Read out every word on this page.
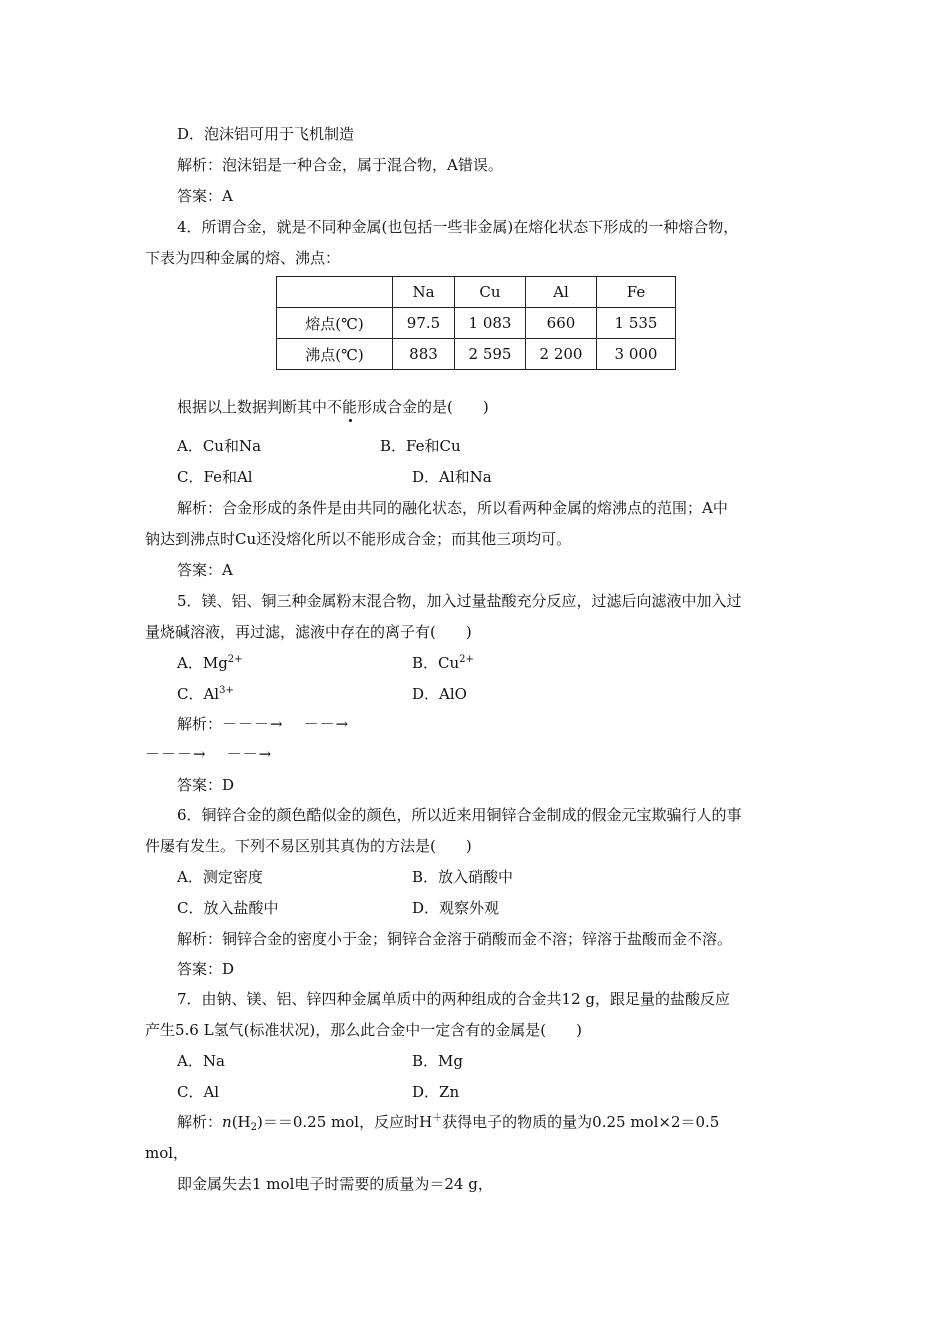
D．泡沫铝可用于飞机制造
解析：泡沫铝是一种合金，属于混合物，A错误。
答案：A
4．所谓合金，就是不同种金属(也包括一些非金属)在熔化状态下形成的一种熔合物，
下表为四种金属的熔、沸点：
	Na	Cu	Al	Fe
熔点(℃)	97.5	1 083	660	1 535
沸点(℃)	883	2 595	2 200	3 000
根据以上数据判断其中不能形成合金的是(　　)
A．Cu和Na	B．Fe和Cu
C．Fe和Al	D．Al和Na
解析：合金形成的条件是由共同的融化状态，所以看两种金属的熔沸点的范围；A中
钠达到沸点时Cu还没熔化所以不能形成合金；而其他三项均可。
答案：A
5．镁、铝、铜三种金属粉末混合物，加入过量盐酸充分反应，过滤后向滤液中加入过
量烧碱溶液，再过滤，滤液中存在的离子有(　　)
A．$Mg^{2+}$	B．$Cu^{2+}$
C．$Al^{3+}$	D．AlO
解析：－－－→ －－→
－－－→ －－→
答案：D
6．铜锌合金的颜色酷似金的颜色，所以近来用铜锌合金制成的假金元宝欺骗行人的事
件屡有发生。下列不易区别其真伪的方法是(　　)
A．测定密度	B．放入硝酸中
C．放入盐酸中	D．观察外观
解析：铜锌合金的密度小于金；铜锌合金溶于硝酸而金不溶；锌溶于盐酸而金不溶。
答案：D
7．由钠、镁、铝、锌四种金属单质中的两种组成的合金共12 g，跟足量的盐酸反应
产生5.6 L氢气(标准状况)，那么此合金中一定含有的金属是(　　)
A．Na	B．Mg
C．Al	D．Zn
解析：$n(H_2)==0.25$ mol，反应时H＋获得电子的物质的量为0.25 mol×2＝0.5
mol，
即金属失去1 mol电子时需要的质量为＝24 g，
